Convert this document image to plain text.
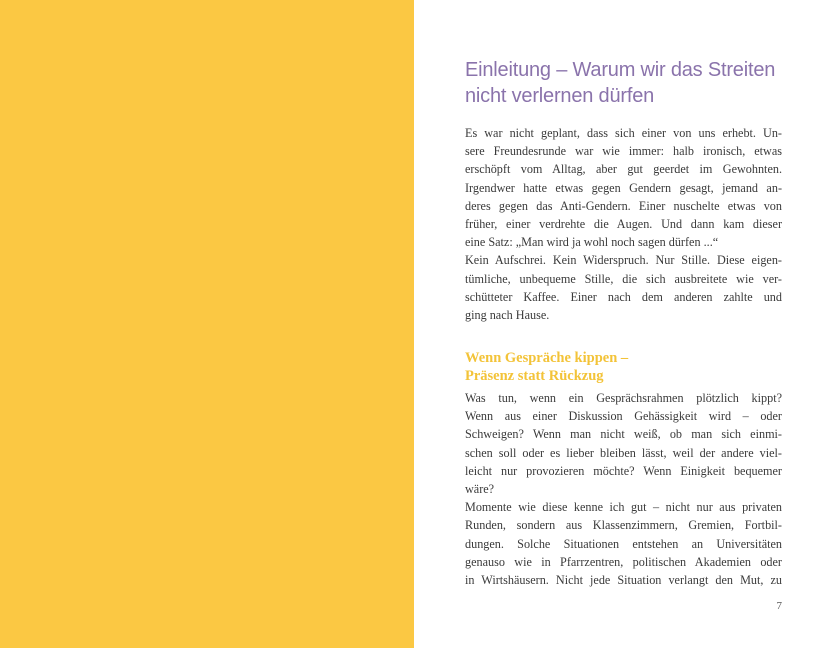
Einleitung – Warum wir das Streiten
nicht verlernen dürfen
Es war nicht geplant, dass sich einer von uns erhebt. Un-
sere Freundesrunde war wie immer: halb ironisch, etwas
erschöpft vom Alltag, aber gut geerdet im Gewohnten.
Irgendwer hatte etwas gegen Gendern gesagt, jemand an-
deres gegen das Anti-Gendern. Einer nuschelte etwas von
früher, einer verdrehte die Augen. Und dann kam dieser
eine Satz: „Man wird ja wohl noch sagen dürfen ...“
Kein Aufschrei. Kein Widerspruch. Nur Stille. Diese eigen-
tümliche, unbequeme Stille, die sich ausbreitete wie ver-
schütteter Kaffee. Einer nach dem anderen zahlte und
ging nach Hause.
Wenn Gespräche kippen –
Präsenz statt Rückzug
Was tun, wenn ein Gesprächsrahmen plötzlich kippt?
Wenn aus einer Diskussion Gehässigkeit wird – oder
Schweigen? Wenn man nicht weiß, ob man sich einmi-
schen soll oder es lieber bleiben lässt, weil der andere viel-
leicht nur provozieren möchte? Wenn Einigkeit bequemer
wäre?
Momente wie diese kenne ich gut – nicht nur aus privaten
Runden, sondern aus Klassenzimmern, Gremien, Fortbil-
dungen. Solche Situationen entstehen an Universitäten
genauso wie in Pfarrzentren, politischen Akademien oder
in Wirtshäusern. Nicht jede Situation verlangt den Mut, zu
7
